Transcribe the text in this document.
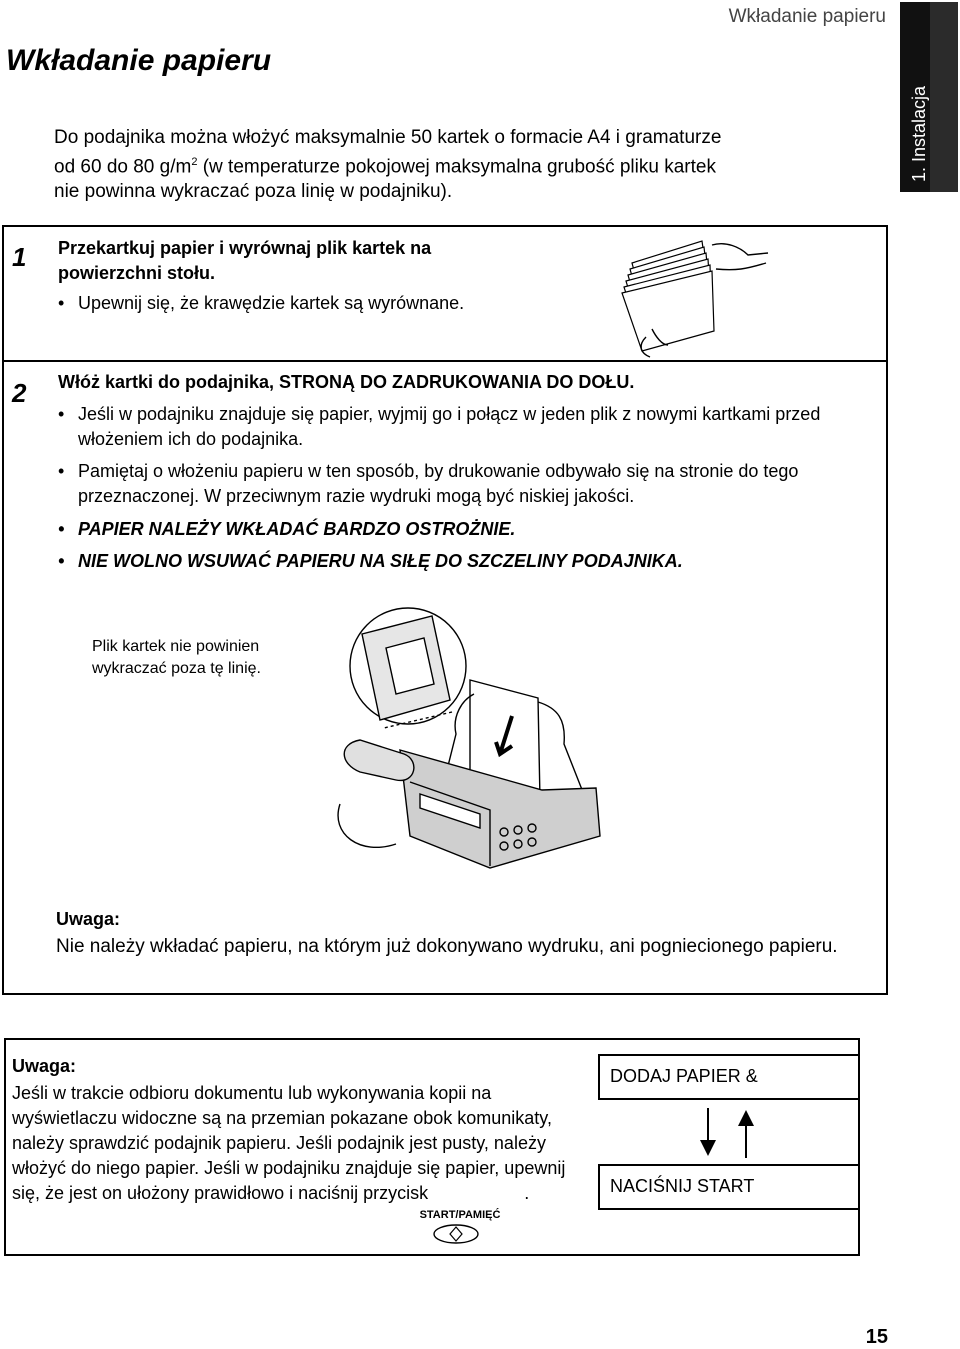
Wkładanie papieru
Wkładanie papieru
1. Instalacja
Do podajnika można włożyć maksymalnie 50 kartek o formacie A4 i gramaturze
od 60 do 80 $g/m^2$ (w temperaturze pokojowej maksymalna grubość pliku kartek
nie powinna wykraczać poza linię w podajniku).
1 Przekartkuj papier i wyrównaj plik kartek na powierzchni stołu.
• Upewnij się, że krawędzie kartek są wyrównane.
2 Włóż kartki do podajnika, STRONĄ DO ZADRUKOWANIA DO DOŁU.
• Jeśli w podajniku znajduje się papier, wyjmij go i połącz w jeden plik z nowymi kartkami przed włożeniem ich do podajnika.
• Pamiętaj o włożeniu papieru w ten sposób, by drukowanie odbywało się na stronie do tego przeznaczonej. W przeciwnym razie wydruki mogą być niskiej jakości.
• PAPIER NALEŻY WKŁADAĆ BARDZO OSTROŻNIE.
• NIE WOLNO WSUWAĆ PAPIERU NA SIŁĘ DO SZCZELINY PODAJNIKA.
Plik kartek nie powinien wykraczać poza tę linię.
Uwaga:
Nie należy wkładać papieru, na którym już dokonywano wydruku, ani pogniecionego papieru.
Uwaga:
Jeśli w trakcie odbioru dokumentu lub wykonywania kopii na wyświetlaczu widoczne są na przemian pokazane obok komunikaty, należy sprawdzić podajnik papieru. Jeśli podajnik jest pusty, należy włożyć do niego papier. Jeśli w podajniku znajduje się papier, upewnij się, że jest on ułożony prawidłowo i naciśnij przycisk	.
START/PAMIĘĆ
DODAJ PAPIER &
NACIŚNIJ START
15
